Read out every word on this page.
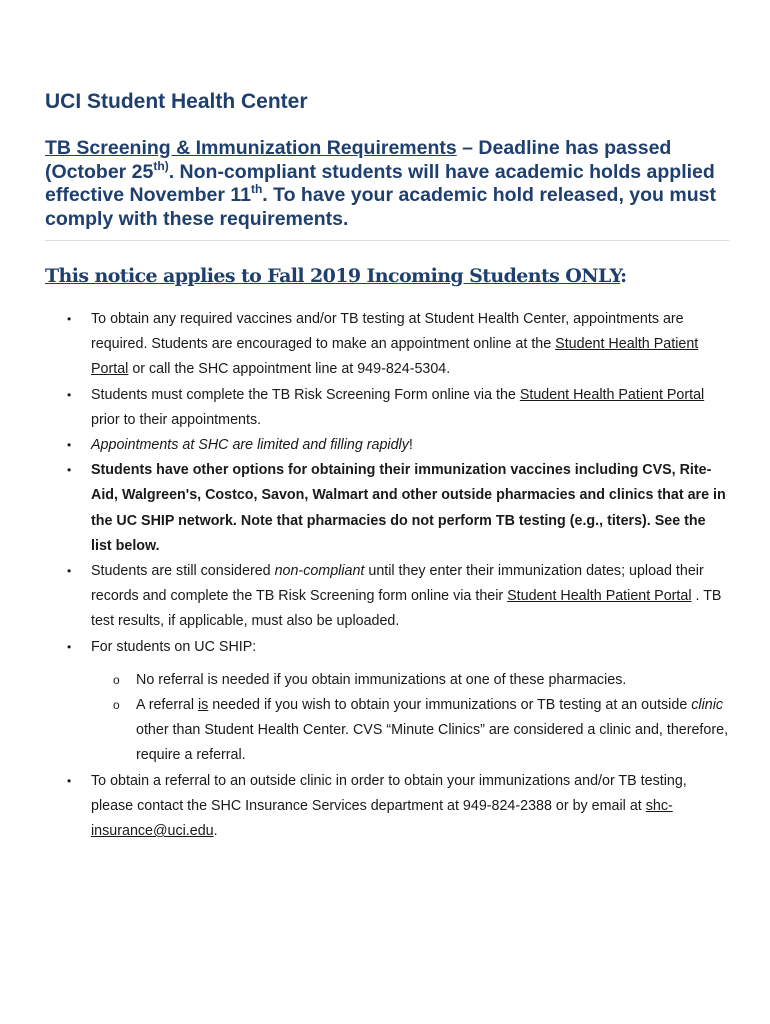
UCI Student Health Center
TB Screening & Immunization Requirements – Deadline has passed (October $25^{th)}$. Non-compliant students will have academic holds applied effective November 11th. To have your academic hold released, you must comply with these requirements.
This notice applies to Fall 2019 Incoming Students ONLY:
• To obtain any required vaccines and/or TB testing at Student Health Center, appointments are required. Students are encouraged to make an appointment online at the Student Health Patient Portal or call the SHC appointment line at 949-824-5304.
• Students must complete the TB Risk Screening Form online via the Student Health Patient Portal prior to their appointments.
• Appointments at SHC are limited and filling rapidly!
• Students have other options for obtaining their immunization vaccines including CVS, Rite-Aid, Walgreen's, Costco, Savon, Walmart and other outside pharmacies and clinics that are in the UC SHIP network. Note that pharmacies do not perform TB testing (e.g., titers). See the list below.
• Students are still considered non-compliant until they enter their immunization dates; upload their records and complete the TB Risk Screening form online via their Student Health Patient Portal . TB test results, if applicable, must also be uploaded.
• For students on UC SHIP:
o No referral is needed if you obtain immunizations at one of these pharmacies.
o A referral is needed if you wish to obtain your immunizations or TB testing at an outside clinic other than Student Health Center. CVS “Minute Clinics” are considered a clinic and, therefore, require a referral.
• To obtain a referral to an outside clinic in order to obtain your immunizations and/or TB testing, please contact the SHC Insurance Services department at 949-824-2388 or by email at shc-insurance@uci.edu.
